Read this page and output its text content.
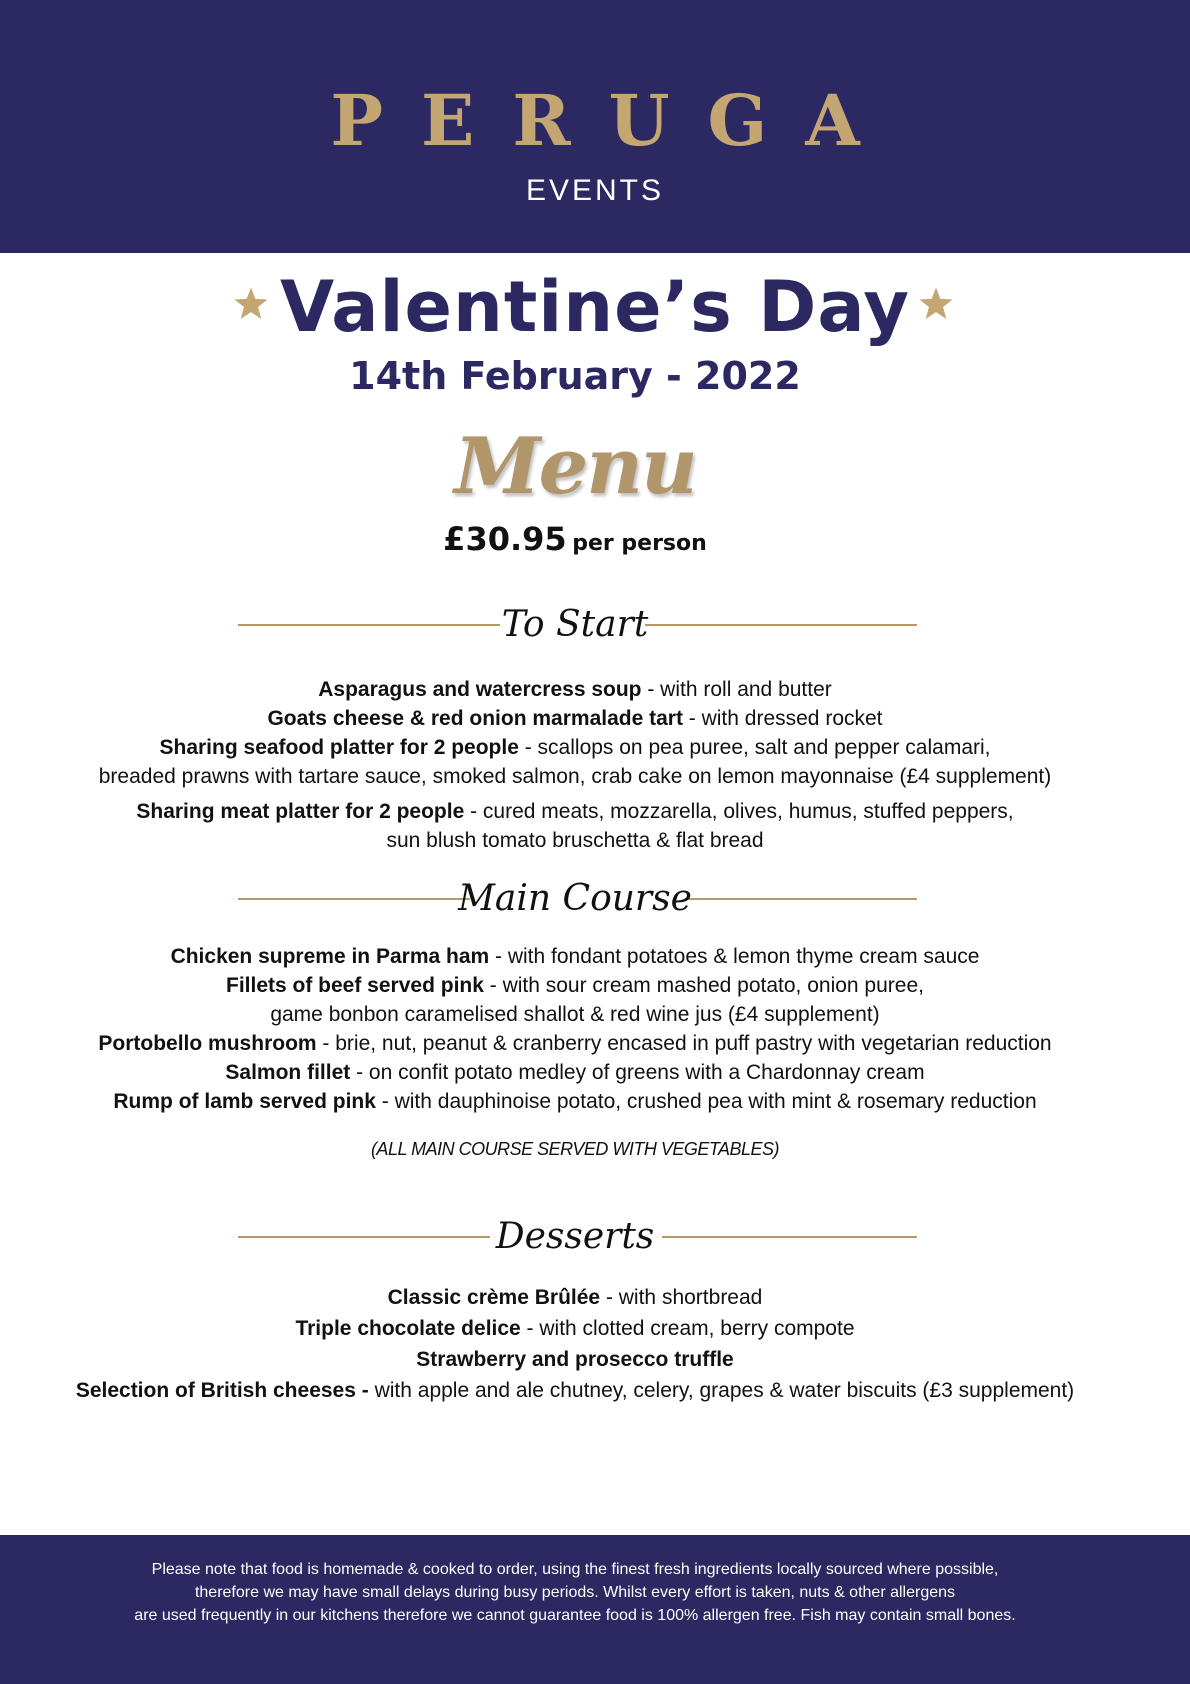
PERUGA
EVENTS
Valentine’s Day
14th February - 2022
Menu
£30.95 per person
To Start

Asparagus and watercress soup - with roll and butter

Goats cheese & red onion marmalade tart - with dressed rocket

Sharing seafood platter for 2 people - scallops on pea puree, salt and pepper calamari,

breaded prawns with tartare sauce, smoked salmon, crab cake on lemon mayonnaise (£4 supplement)

Sharing meat platter for 2 people - cured meats, mozzarella, olives, humus, stuffed peppers,

sun blush tomato bruschetta & flat bread

Main Course

Chicken supreme in Parma ham - with fondant potatoes & lemon thyme cream sauce

Fillets of beef served pink - with sour cream mashed potato, onion puree,

game bonbon caramelised shallot & red wine jus (£4 supplement)

Portobello mushroom - brie, nut, peanut & cranberry encased in puff pastry with vegetarian reduction

Salmon fillet - on confit potato medley of greens with a Chardonnay cream

Rump of lamb served pink - with dauphinoise potato, crushed pea with mint & rosemary reduction

(ALL MAIN COURSE SERVED WITH VEGETABLES)
Desserts

Classic crème Brûlée - with shortbread

Triple chocolate delice - with clotted cream, berry compote

Strawberry and prosecco truffle

Selection of British cheeses - with apple and ale chutney, celery, grapes & water biscuits (£3 supplement)

Please note that food is homemade & cooked to order, using the finest fresh ingredients locally sourced where possible,

therefore we may have small delays during busy periods. Whilst every effort is taken, nuts & other allergens

are used frequently in our kitchens therefore we cannot guarantee food is 100% allergen free. Fish may contain small bones.
